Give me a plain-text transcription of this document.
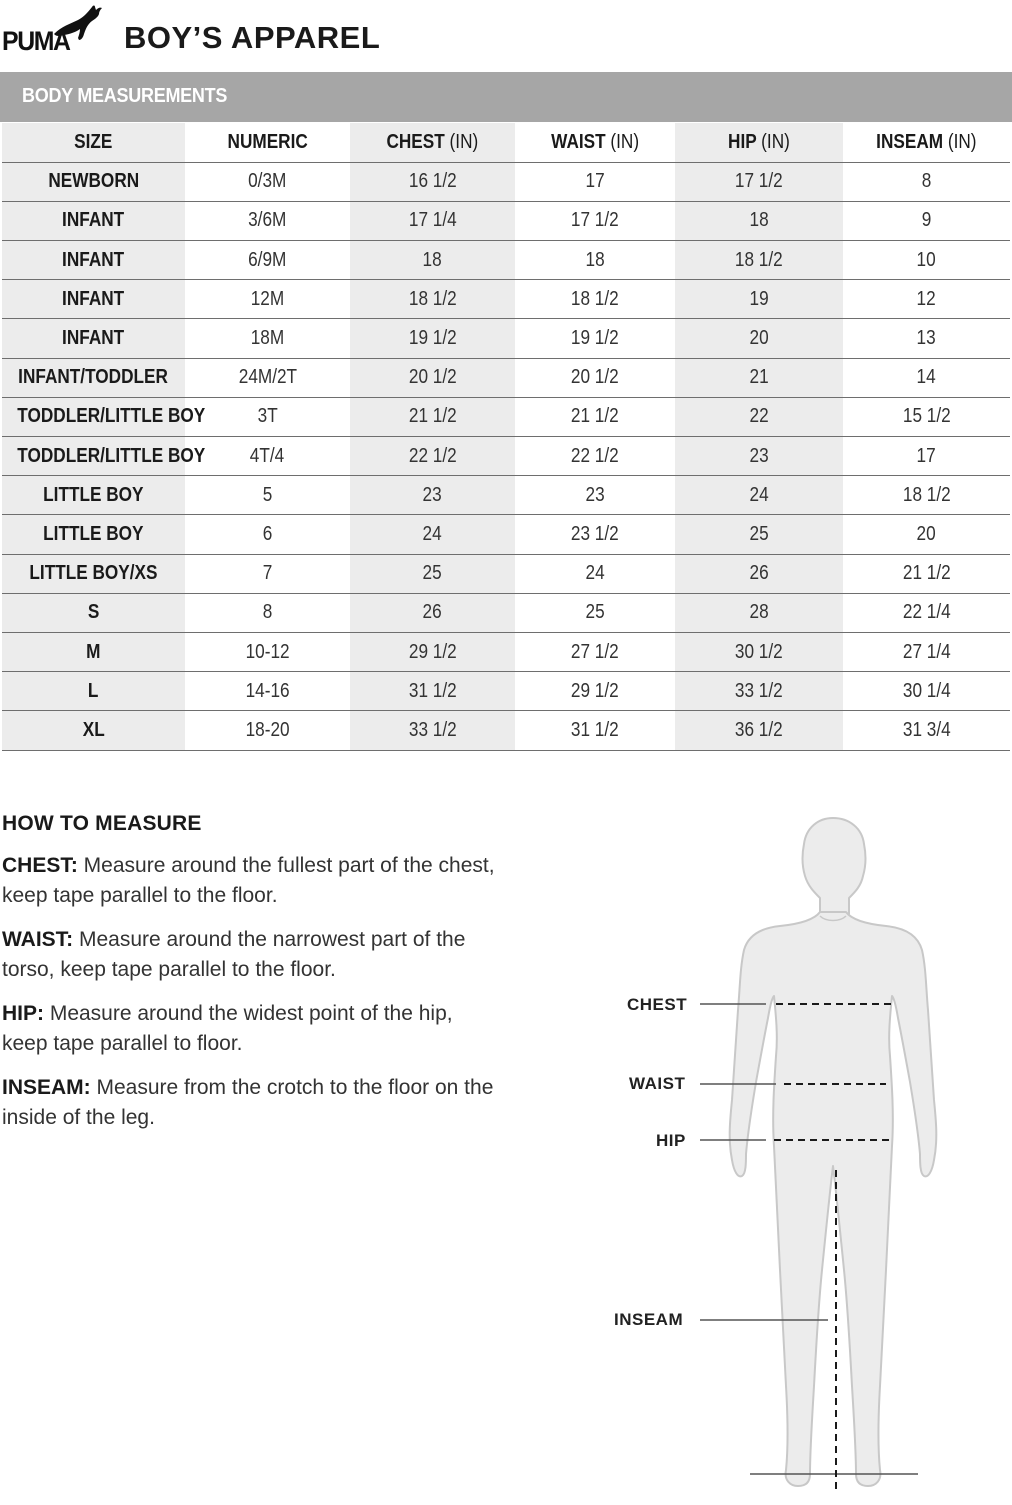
PUMA BOY’S APPAREL
BODY MEASUREMENTS
SIZE	NUMERIC	CHEST (IN)	WAIST (IN)	HIP (IN)	INSEAM (IN)
NEWBORN	0/3M	16 1/2	17	17 1/2	8
INFANT	3/6M	17 1/4	17 1/2	18	9
INFANT	6/9M	18	18	18 1/2	10
INFANT	12M	18 1/2	18 1/2	19	12
INFANT	18M	19 1/2	19 1/2	20	13
INFANT/TODDLER	24M/2T	20 1/2	20 1/2	21	14
TODDLER/LITTLE BOY	3T	21 1/2	21 1/2	22	15 1/2
TODDLER/LITTLE BOY	4T/4	22 1/2	22 1/2	23	17
LITTLE BOY	5	23	23	24	18 1/2
LITTLE BOY	6	24	23 1/2	25	20
LITTLE BOY/XS	7	25	24	26	21 1/2
S	8	26	25	28	22 1/4
M	10-12	29 1/2	27 1/2	30 1/2	27 1/4
L	14-16	31 1/2	29 1/2	33 1/2	30 1/4
XL	18-20	33 1/2	31 1/2	36 1/2	31 3/4
HOW TO MEASURE

CHEST: Measure around the fullest part of the chest, keep tape parallel to the floor.

WAIST: Measure around the narrowest part of the torso, keep tape parallel to the floor.

HIP: Measure around the widest point of the hip, keep tape parallel to floor.

INSEAM: Measure from the crotch to the floor on the inside of the leg.

CHEST
WAIST
HIP
INSEAM
